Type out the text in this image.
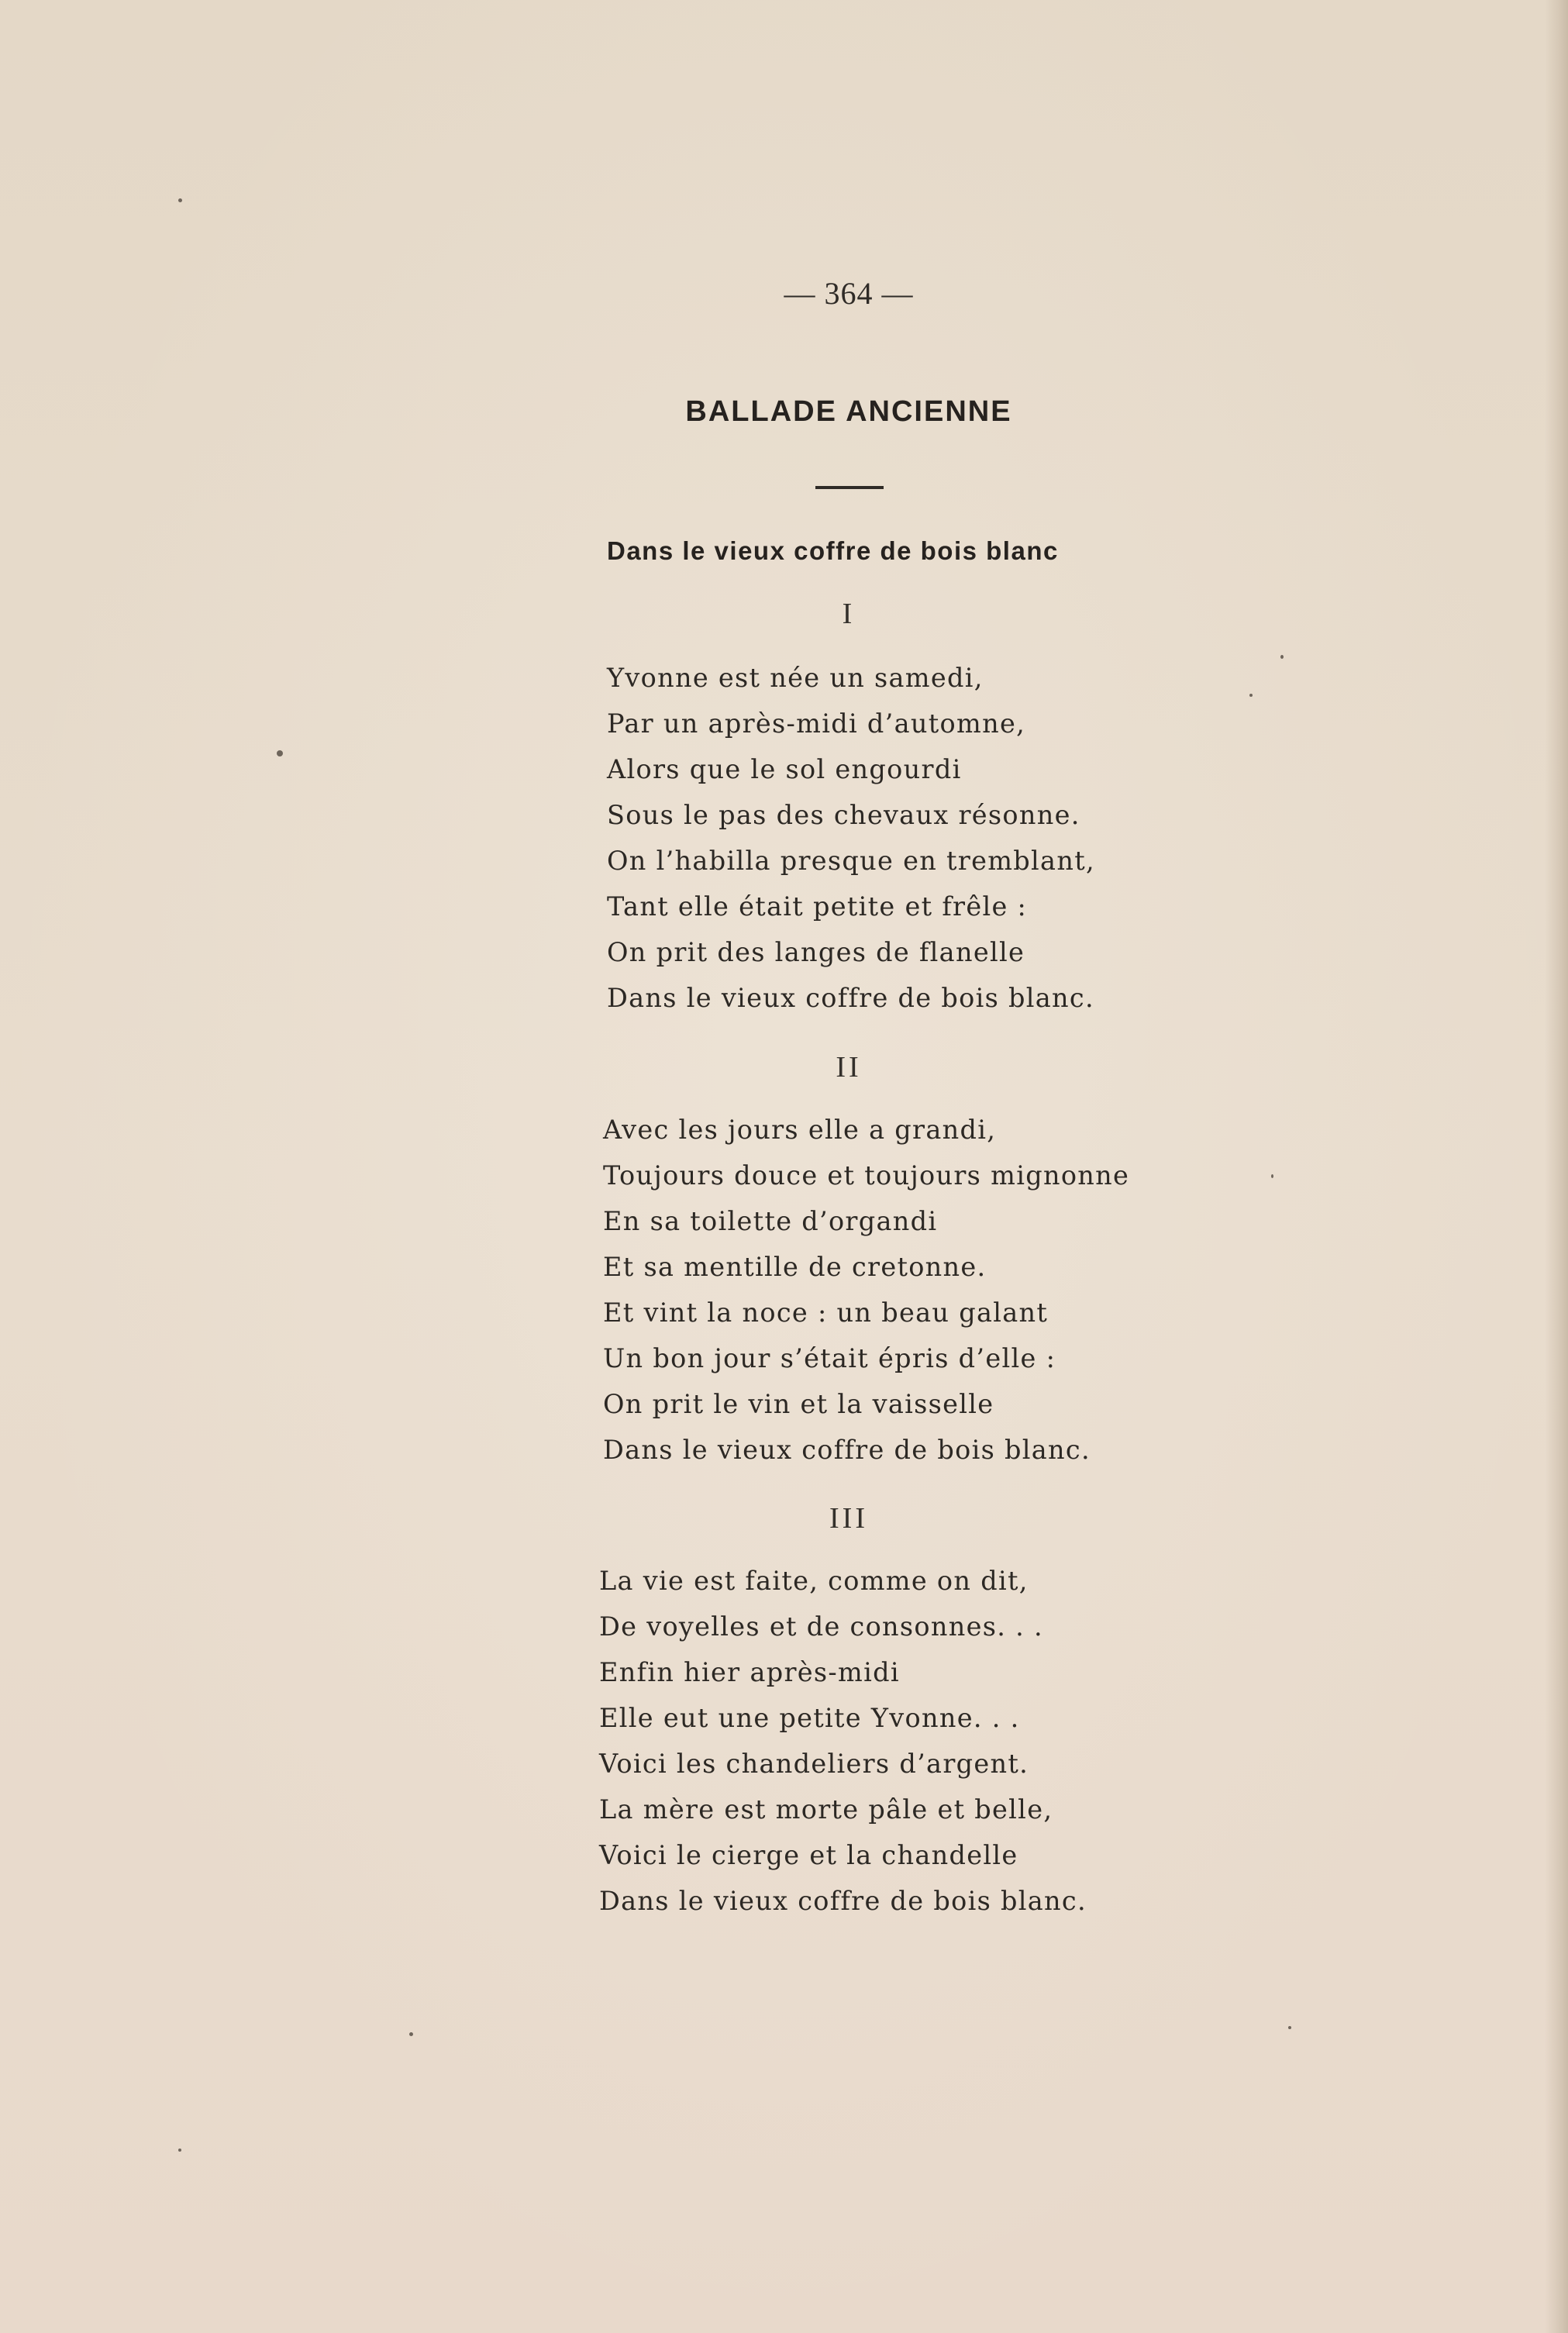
— 364 —
BALLADE ANCIENNE
Dans le vieux coffre de bois blanc
I
Yvonne est née un samedi,
Par un après-midi d’automne,
Alors que le sol engourdi
Sous le pas des chevaux résonne.
On l’habilla presque en tremblant,
Tant elle était petite et frêle :
On prit des langes de flanelle
Dans le vieux coffre de bois blanc.
II
Avec les jours elle a grandi,
Toujours douce et toujours mignonne
En sa toilette d’organdi
Et sa mentille de cretonne.
Et vint la noce : un beau galant
Un bon jour s’était épris d’elle :
On prit le vin et la vaisselle
Dans le vieux coffre de bois blanc.
III
La vie est faite, comme on dit,
De voyelles et de consonnes. . .
Enfin hier après-midi
Elle eut une petite Yvonne. . .
Voici les chandeliers d’argent.
La mère est morte pâle et belle,
Voici le cierge et la chandelle
Dans le vieux coffre de bois blanc.
